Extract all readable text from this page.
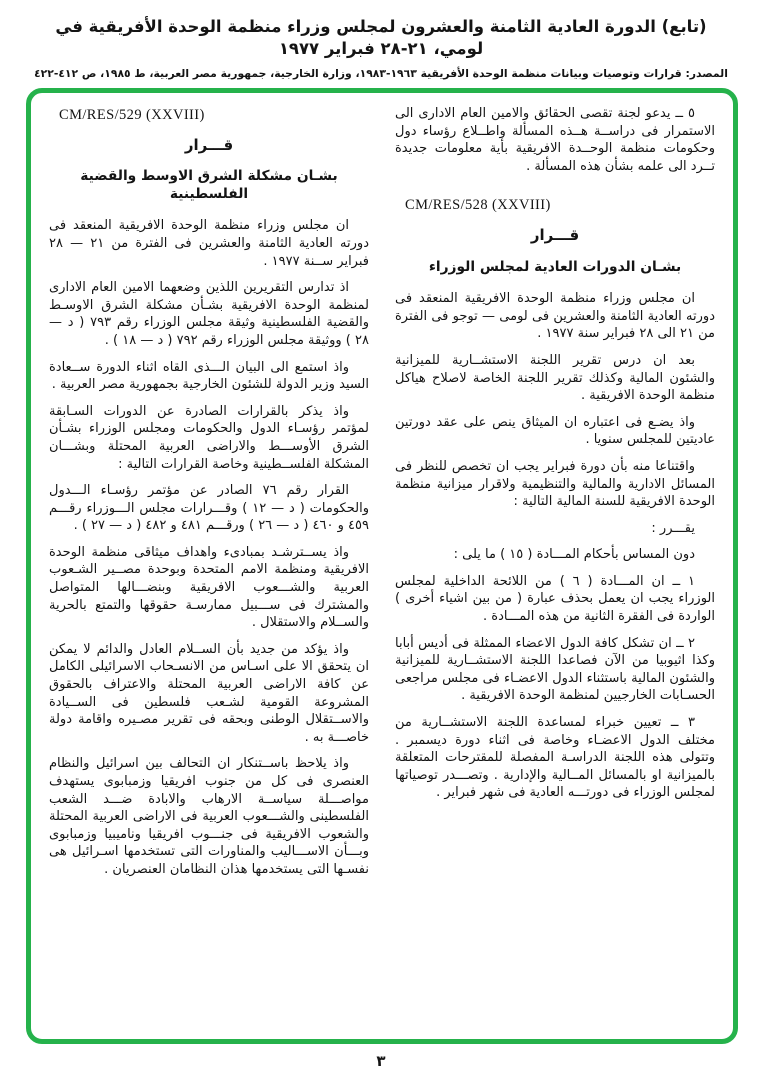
(تابع) الدورة العادية الثامنة والعشرون لمجلس وزراء منظمة الوحدة الأفريقية في لومي، ٢١-٢٨ فبراير ١٩٧٧
المصدر: قرارات وتوصيات وبيانات منظمة الوحدة الأفريقية ١٩٦٣-١٩٨٣، وزارة الخارجية، جمهورية مصر العربية، ط ١٩٨٥، ص ٤١٢-٤٢٢

٥ ــ يدعو لجنة تقصى الحقائق والامين العام الادارى الى الاستمرار فى دراســة هــذه المسألة واطــلاع رؤساء دول وحكومات منظمة الوحــدة الافريقية بأية معلومات جديدة تــرد الى علمه بشأن هذه المسألة .

CM/RES/528 (XXVIII)
قـــرار
بشـان الدورات العادية لمجلس الوزراء

ان مجلس وزراء منظمة الوحدة الافريقية المنعقد فى دورته العادية الثامنة والعشرين فى لومى — توجو فى الفترة من ٢١ الى ٢٨ فبراير سنة ١٩٧٧ .

بعد ان درس تقرير اللجنة الاستشــارية للميزانية والشئون المالية وكذلك تقرير اللجنة الخاصة لاصلاح هياكل منظمة الوحدة الافريقية .

واذ يضـع فى اعتباره ان الميثاق ينص على عقد دورتين عاديتين للمجلس سنويا .

واقتناعا منه بأن دورة فبراير يجب ان تخصص للنظر فى المسائل الادارية والمالية والتنظيمية ولاقرار ميزانية منظمة الوحدة الافريقية للسنة المالية التالية :

يقـــرر :

دون المساس بأحكام المـــادة ( ١٥ ) ما يلى :

١ ــ ان المـــادة ( ٦ ) من اللائحة الداخلية لمجلس الوزراء يجب ان يعمل بحذف عبارة ( من بين اشياء أخرى ) الواردة فى الفقرة الثانية من هذه المـــادة .

٢ ــ ان تشكل كافة الدول الاعضاء الممثلة فى أديس أبابا وكذا اثيوبيا من الآن فصاعدا اللجنة الاستشــارية للميزانية والشئون المالية باستثناء الدول الاعضـاء فى مجلس مراجعى الحسـابات الخارجيين لمنظمة الوحدة الافريقية .

٣ ــ تعيين خبراء لمساعدة اللجنة الاستشــارية من مختلف الدول الاعضـاء وخاصة فى اثناء دورة ديسمبر . وتتولى هذه اللجنة الدراسـة المفصلة للمقترحات المتعلقة بالميزانية او بالمسائل المــالية والإدارية . وتصـــدر توصياتها لمجلس الوزراء فى دورتـــه العادية فى شهر فبراير .

CM/RES/529 (XXVIII)
قـــرار
بشـان مشكلة الشرق الاوسط والقضية الفلسطينية

ان مجلس وزراء منظمة الوحدة الافريقية المنعقد فى دورته العادية الثامنة والعشرين فى الفترة من ٢١ — ٢٨ فبراير ســنة ١٩٧٧ .

اذ تدارس التقريرين اللذين وضعهما الامين العام الادارى لمنظمة الوحدة الافريقية بشـأن مشكلة الشرق الاوسـط والقضية الفلسطينية وثيقة مجلس الوزراء رقم ٧٩٣ ( د — ٢٨ ) ووثيقة مجلس الوزراء رقم ٧٩٢ ( د — ١٨ ) .

واذ استمع الى البيان الـــذى القاه اثناء الدورة ســعادة السيد وزير الدولة للشئون الخارجية بجمهورية مصر العربية .

واذ يذكر بالقرارات الصادرة عن الدورات السـابقة لمؤتمر رؤسـاء الدول والحكومات ومجلس الوزراء بشـأن الشرق الأوســـط والاراضى العربية المحتلة وبشـــان المشكلة الفلســطينية وخاصة القرارات التالية :

القرار رقم ٧٦ الصادر عن مؤتمر رؤسـاء الـــدول والحكومات ( د — ١٢ ) وقـــرارات مجلس الـــوزراء رقـــم ٤٥٩ و ٤٦٠ ( د — ٢٦ ) ورقـــم ٤٨١ و ٤٨٢ ( د — ٢٧ ) .

واذ يســترشـد بمبادىء واهداف ميثاقى منظمة الوحدة الافريقية ومنظمة الامم المتحدة وبوحدة مصــير الشـعوب العربية والشـــعوب الافريقية وبنضـــالها المتواصل والمشترك فى ســـبيل ممارسـة حقوقها والتمتع بالحرية والســلام والاستقلال .

واذ يؤكد من جديد بأن الســلام العادل والدائم لا يمكن ان يتحقق الا على اسـاس من الانسـحاب الاسرائيلى الكامل عن كافة الاراضى العربية المحتلة والاعتراف بالحقوق المشروعة القومية لشـعب فلسطين فى الســيادة والاســتقلال الوطنى وبحقه فى تقرير مصـيره واقامة دولة خاصـــة به .

واذ يلاحظ باســتنكار ان التحالف بين اسرائيل والنظام العنصرى فى كل من جنوب افريقيا وزمبابوى يستهدف مواصـــلة سياســة الارهاب والابادة ضـــد الشعب الفلسطينى والشـــعوب العربية فى الاراضى العربية المحتلة والشعوب الافريقية فى جنـــوب افريقيا وناميبيا وزمبابوى وبـــأن الاســـاليب والمناورات التى تستخدمها اسـرائيل هى نفسـها التى يستخدمها هذان النظامان العنصريان .

٣
